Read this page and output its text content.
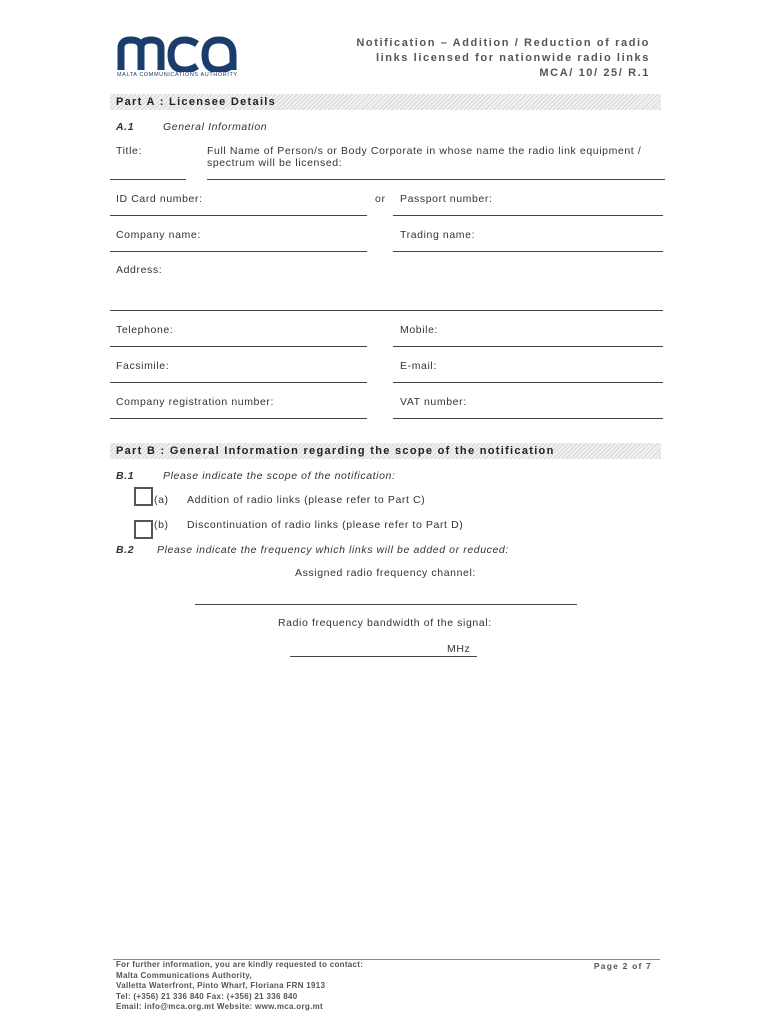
MALTA COMMUNICATIONS AUTHORITY
Notification – Addition / Reduction of radio
links licensed for nationwide radio links
MCA/ 10/ 25/ R.1
Part A : Licensee Details
A.1	General Information
Title:	Full Name of Person/s or Body Corporate in whose name the radio link equipment /
spectrum will be licensed:
ID Card number:	or Passport number:
Company name:	Trading name:
Address:
Telephone:	Mobile:
Facsimile:	E-mail:
Company registration number:	VAT number:
Part B : General Information regarding the scope of the notification
B.1	Please indicate the scope of the notification:
(a) Addition of radio links (please refer to Part C)
(b) Discontinuation of radio links (please refer to Part D)
B.2 Please indicate the frequency which links will be added or reduced:
Assigned radio frequency channel:
Radio frequency bandwidth of the signal:
MHz
For further information, you are kindly requested to contact:
Malta Communications Authority,
Valletta Waterfront, Pinto Wharf, Floriana FRN 1913
Tel: (+356) 21 336 840 Fax: (+356) 21 336 840
Email: info@mca.org.mt Website: www.mca.org.mt
Page 2 of 7
